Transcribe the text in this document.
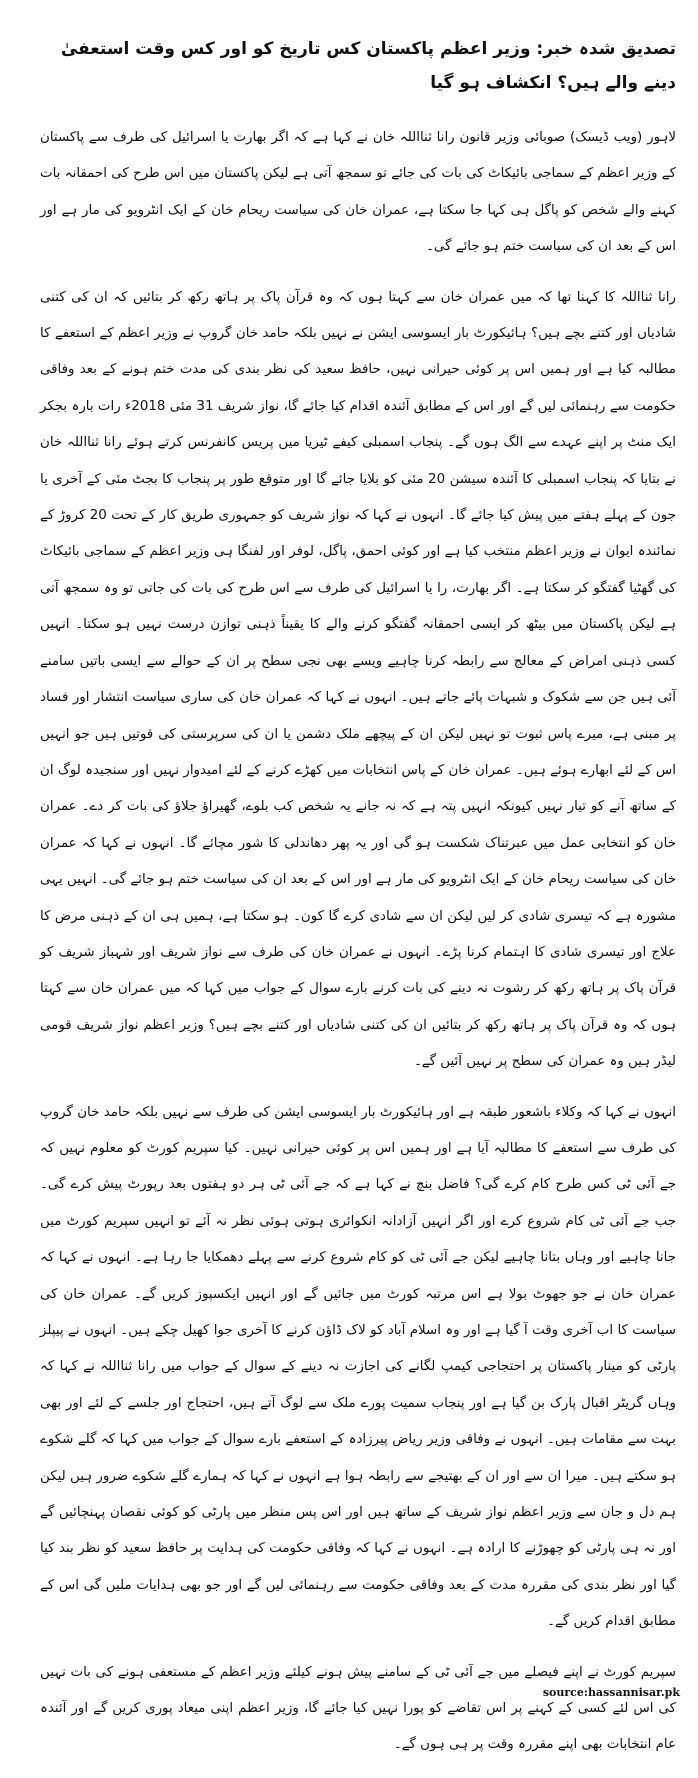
تصدیق شدہ خبر: وزیر اعظم پاکستان کس تاریخ کو اور کس وقت استعفیٰ دینے والے ہیں؟ انکشاف ہو گیا

لاہور (ویب ڈیسک) صوبائی وزیر قانون رانا ثنااللہ خان نے کہا ہے کہ اگر بھارت یا اسرائیل کی طرف سے پاکستان کے وزیر اعظم کے سماجی بائیکاٹ کی بات کی جائے تو سمجھ آتی ہے لیکن پاکستان میں اس طرح کی احمقانہ بات کہنے والے شخص کو پاگل ہی کہا جا سکتا ہے، عمران خان کی سیاست ریحام خان کے ایک انٹرویو کی مار ہے اور اس کے بعد ان کی سیاست ختم ہو جائے گی۔

رانا ثنااللہ کا کہنا تھا کہ میں عمران خان سے کہتا ہوں کہ وہ قرآن پاک پر ہاتھ رکھ کر بتائیں کہ ان کی کتنی شادیاں اور کتنے بچے ہیں؟ ہائیکورٹ بار ایسوسی ایشن نے نہیں بلکہ حامد خان گروپ نے وزیر اعظم کے استعفے کا مطالبہ کیا ہے اور ہمیں اس پر کوئی حیرانی نہیں، حافظ سعید کی نظر بندی کی مدت ختم ہونے کے بعد وفاقی حکومت سے رہنمائی لیں گے اور اس کے مطابق آئندہ اقدام کیا جائے گا، نواز شریف 31 مئی 2018ء رات بارہ بجکر ایک منٹ پر اپنے عہدے سے الگ ہوں گے۔ پنجاب اسمبلی کیفے ٹیریا میں پریس کانفرنس کرتے ہوئے رانا ثنااللہ خان نے بتایا کہ پنجاب اسمبلی کا آئندہ سیشن 20 مئی کو بلایا جائے گا اور متوقع طور پر پنجاب کا بجٹ مئی کے آخری یا جون کے پہلے ہفتے میں پیش کیا جائے گا۔ انہوں نے کہا کہ نواز شریف کو جمہوری طریق کار کے تحت 20 کروڑ کے نمائندہ ایوان نے وزیر اعظم منتخب کیا ہے اور کوئی احمق، پاگل، لوفر اور لفنگا ہی وزیر اعظم کے سماجی بائیکاٹ کی گھٹیا گفتگو کر سکتا ہے۔ اگر بھارت، را یا اسرائیل کی طرف سے اس طرح کی بات کی جاتی تو وہ سمجھ آتی ہے لیکن پاکستان میں بیٹھ کر ایسی احمقانہ گفتگو کرنے والے کا یقیناً ذہنی توازن درست نہیں ہو سکتا۔ انہیں کسی ذہنی امراض کے معالج سے رابطہ کرنا چاہیے ویسے بھی نجی سطح پر ان کے حوالے سے ایسی باتیں سامنے آئی ہیں جن سے شکوک و شبہات پائے جاتے ہیں۔ انہوں نے کہا کہ عمران خان کی ساری سیاست انتشار اور فساد پر مبنی ہے، میرے پاس ثبوت تو نہیں لیکن ان کے پیچھے ملک دشمن یا ان کی سرپرستی کی قوتیں ہیں جو انہیں اس کے لئے ابھارے ہوئے ہیں۔ عمران خان کے پاس انتخابات میں کھڑے کرنے کے لئے امیدوار نہیں اور سنجیدہ لوگ ان کے ساتھ آنے کو تیار نہیں کیونکہ انہیں پتہ ہے کہ نہ جانے یہ شخص کب بلوے، گھیراؤ جلاؤ کی بات کر دے۔ عمران خان کو انتخابی عمل میں عبرتناک شکست ہو گی اور یہ پھر دھاندلی کا شور مچائے گا۔ انہوں نے کہا کہ عمران خان کی سیاست ریحام خان کے ایک انٹرویو کی مار ہے اور اس کے بعد ان کی سیاست ختم ہو جائے گی۔ انہیں یہی مشورہ ہے کہ تیسری شادی کر لیں لیکن ان سے شادی کرے گا کون۔ ہو سکتا ہے، ہمیں ہی ان کے ذہنی مرض کا علاج اور تیسری شادی کا اہتمام کرنا پڑے۔ انہوں نے عمران خان کی طرف سے نواز شریف اور شہباز شریف کو قرآن پاک پر ہاتھ رکھ کر رشوت نہ دینے کی بات کرنے بارے سوال کے جواب میں کہا کہ میں عمران خان سے کہتا ہوں کہ وہ قرآن پاک پر ہاتھ رکھ کر بتائیں ان کی کتنی شادیاں اور کتنے بچے ہیں؟ وزیر اعظم نواز شریف قومی لیڈر ہیں وہ عمران کی سطح پر نہیں آئیں گے۔

انہوں نے کہا کہ وکلاء باشعور طبقہ ہے اور ہائیکورٹ بار ایسوسی ایشن کی طرف سے نہیں بلکہ حامد خان گروپ کی طرف سے استعفے کا مطالبہ آیا ہے اور ہمیں اس پر کوئی حیرانی نہیں۔ کیا سپریم کورٹ کو معلوم نہیں کہ جے آئی ٹی کس طرح کام کرے گی؟ فاضل بنچ نے کہا ہے کہ جے آئی ٹی ہر دو ہفتوں بعد رپورٹ پیش کرے گی۔ جب جے آئی ٹی کام شروع کرے اور اگر انہیں آزادانہ انکوائری ہوتی ہوئی نظر نہ آئے تو انہیں سپریم کورٹ میں جانا چاہیے اور وہاں بتانا چاہیے لیکن جے آئی ٹی کو کام شروع کرنے سے پہلے دھمکایا جا رہا ہے۔ انہوں نے کہا کہ عمران خان نے جو جھوٹ بولا ہے اس مرتبہ کورٹ میں جائیں گے اور انہیں ایکسپوز کریں گے۔ عمران خان کی سیاست کا اب آخری وقت آ گیا ہے اور وہ اسلام آباد کو لاک ڈاؤن کرنے کا آخری جوا کھیل چکے ہیں۔ انہوں نے پیپلز پارٹی کو مینار پاکستان پر احتجاجی کیمپ لگانے کی اجازت نہ دینے کے سوال کے جواب میں رانا ثنااللہ نے کہا کہ وہاں گریٹر اقبال پارک بن گیا ہے اور پنجاب سمیت پورے ملک سے لوگ آتے ہیں، احتجاج اور جلسے کے لئے اور بھی بہت سے مقامات ہیں۔ انہوں نے وفاقی وزیر ریاض پیرزادہ کے استعفے بارے سوال کے جواب میں کہا کہ گلے شکوے ہو سکتے ہیں۔ میرا ان سے اور ان کے بھتیجے سے رابطہ ہوا ہے انہوں نے کہا کہ ہمارے گلے شکوے ضرور ہیں لیکن ہم دل و جان سے وزیر اعظم نواز شریف کے ساتھ ہیں اور اس پس منظر میں پارٹی کو کوئی نقصان پہنچائیں گے اور نہ ہی پارٹی کو چھوڑنے کا ارادہ ہے۔ انہوں نے کہا کہ وفاقی حکومت کی ہدایت پر حافظ سعید کو نظر بند کیا گیا اور نظر بندی کی مقررہ مدت کے بعد وفاقی حکومت سے رہنمائی لیں گے اور جو بھی ہدایات ملیں گی اس کے مطابق اقدام کریں گے۔

سپریم کورٹ نے اپنے فیصلے میں جے آئی ٹی کے سامنے پیش ہونے کیلئے وزیر اعظم کے مستعفی ہونے کی بات نہیں کی اس لئے کسی کے کہنے پر اس تقاضے کو پورا نہیں کیا جائے گا، وزیر اعظم اپنی میعاد پوری کریں گے اور آئندہ عام انتخابات بھی اپنے مقررہ وقت پر ہی ہوں گے۔

source:hassannisar.pk
